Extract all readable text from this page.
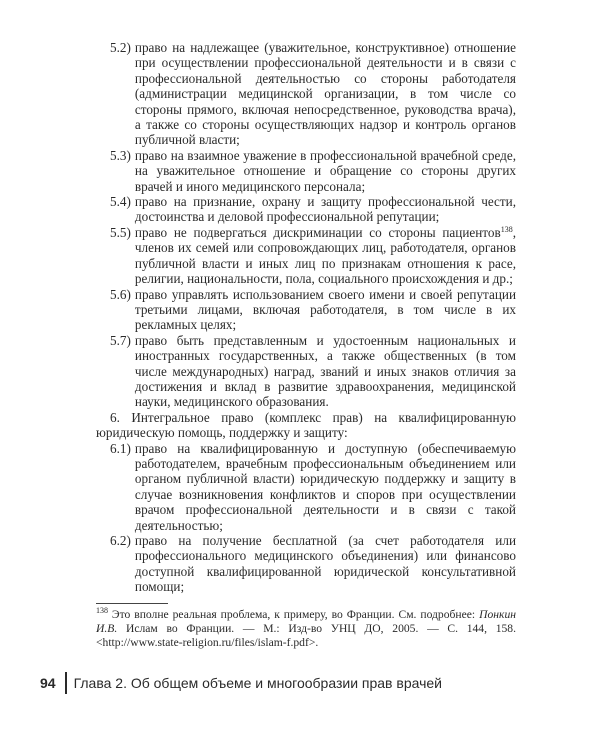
5.2) право на надлежащее (уважительное, конструктивное) отношение при осуществлении профессиональной деятельности и в связи с профессиональной деятельностью со стороны работодателя (администрации медицинской организации, в том числе со стороны прямого, включая непосредственное, руководства врача), а также со стороны осуществляющих надзор и контроль органов публичной власти;
5.3) право на взаимное уважение в профессиональной врачебной среде, на уважительное отношение и обращение со стороны других врачей и иного медицинского персонала;
5.4) право на признание, охрану и защиту профессиональной чести, достоинства и деловой профессиональной репутации;
5.5) право не подвергаться дискриминации со стороны пациентов$^{138}$, членов их семей или сопровождающих лиц, работодателя, органов публичной власти и иных лиц по признакам отношения к расе, религии, национальности, пола, социального происхождения и др.;
5.6) право управлять использованием своего имени и своей репутации третьими лицами, включая работодателя, в том числе в их рекламных целях;
5.7) право быть представленным и удостоенным национальных и иностранных государственных, а также общественных (в том числе международных) наград, званий и иных знаков отличия за достижения и вклад в развитие здравоохранения, медицинской науки, медицинского образования.
6. Интегральное право (комплекс прав) на квалифицированную юридическую помощь, поддержку и защиту:
6.1) право на квалифицированную и доступную (обеспечиваемую работодателем, врачебным профессиональным объединением или органом публичной власти) юридическую поддержку и защиту в случае возникновения конфликтов и споров при осуществлении врачом профессиональной деятельности и в связи с такой деятельностью;
6.2) право на получение бесплатной (за счет работодателя или профессионального медицинского объединения) или финансово доступной квалифицированной юридической консультативной помощи;
$^{138}$ Это вполне реальная проблема, к примеру, во Франции. См. подробнее: Понкин И.В. Ислам во Франции. — М.: Изд-во УНЦ ДО, 2005. — С. 144, 158. <http://www.state-religion.ru/files/islam-f.pdf>.
94 Глава 2. Об общем объеме и многообразии прав врачей
